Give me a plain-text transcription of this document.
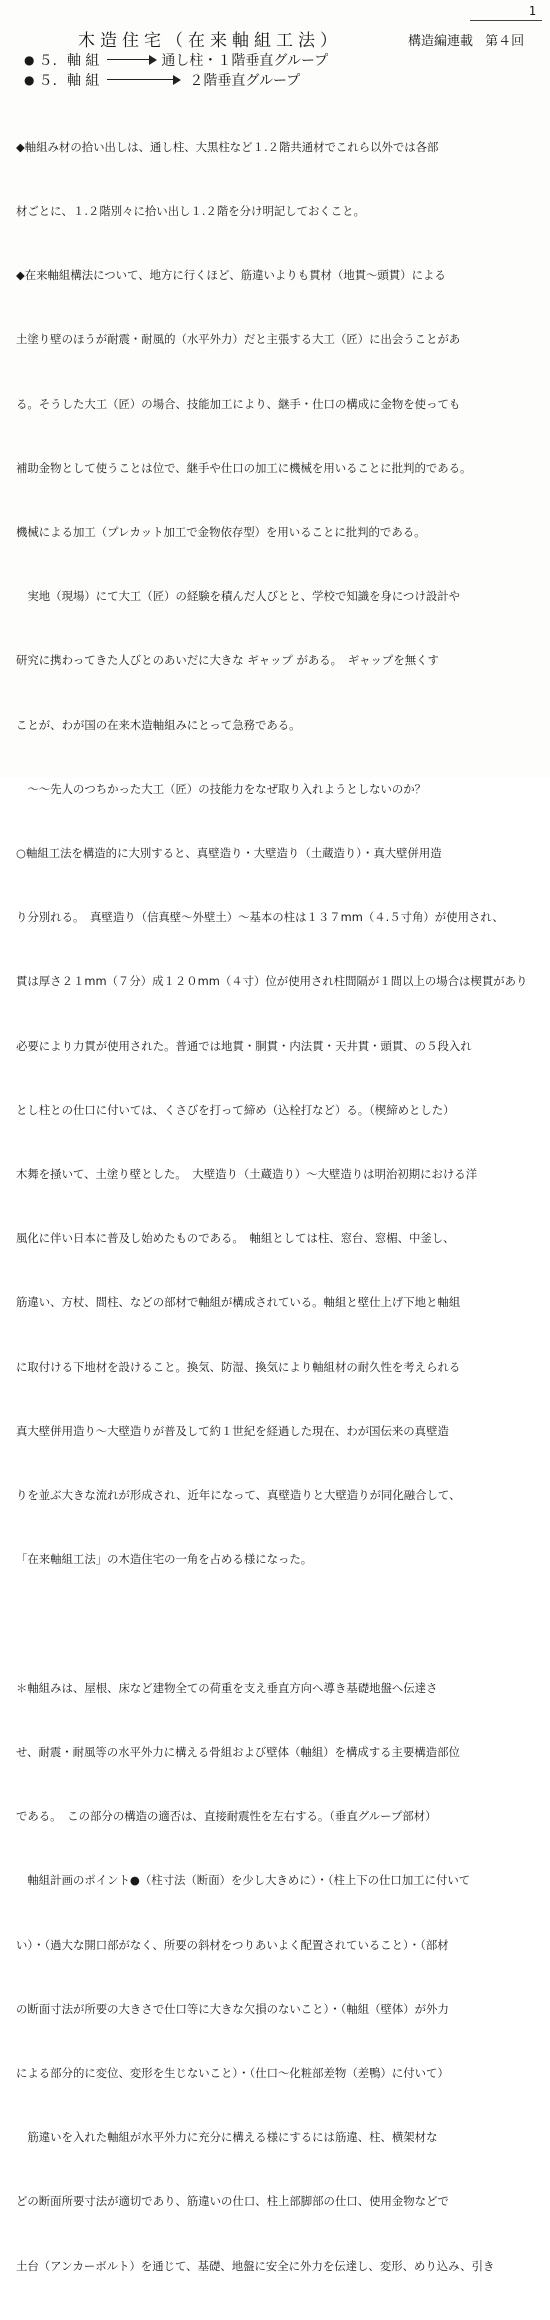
1
木造住宅（在来軸組工法）	構造編連載 第４回
● ５. 軸 組	通し柱・１階垂直グループ
● ５. 軸 組	２階垂直グループ

◆軸組み材の拾い出しは、通し柱、大黒柱など１.２階共通材でこれら以外では各部

材ごとに、１.２階別々に拾い出し１.２階を分け明記しておくこと。

◆在来軸組構法について、地方に行くほど、筋違いよりも貫材（地貫〜頭貫）による

土塗り壁のほうが耐震・耐風的（水平外力）だと主張する大工（匠）に出会うことがあ

る。そうした大工（匠）の場合、技能加工により、継手・仕口の構成に金物を使っても

補助金物として使うことは位で、継手や仕口の加工に機械を用いることに批判的である。

機械による加工（プレカット加工で金物依存型）を用いることに批判的である。

　実地（現場）にて大工（匠）の経験を積んだ人びとと、学校で知識を身につけ設計や

研究に携わってきた人びとのあいだに大きな ギャップ がある。　ギャップを無くす

ことが、わが国の在来木造軸組みにとって急務である。

　〜〜先人のつちかった大工（匠）の技能力をなぜ取り入れようとしないのか？

○軸組工法を構造的に大別すると、真壁造り・大壁造り（土蔵造り）・真大壁併用造

り分別れる。　真壁造り（信真壁〜外壁土）〜基本の柱は１３７mm（４.５寸角）が使用され、

貫は厚さ２１mm（７分）成１２０mm（４寸）位が使用され柱間隔が１間以上の場合は楔貫があり

必要により力貫が使用された。普通では地貫・胴貫・内法貫・天井貫・頭貫、の５段入れ

とし柱との仕口に付いては、くさびを打って締め（込栓打など）る。（楔締めとした）

木舞を掻いて、土塗り壁とした。　大壁造り（土蔵造り）〜大壁造りは明治初期における洋

風化に伴い日本に普及し始めたものである。　軸組としては柱、窓台、窓楣、中釜し、

筋違い、方杖、間柱、などの部材で軸組が構成されている。軸組と壁仕上げ下地と軸組

に取付ける下地材を設けること。換気、防湿、換気により軸組材の耐久性を考えられる

真大壁併用造り〜大壁造りが普及して約１世紀を経過した現在、わが国伝来の真壁造

りを並ぶ大きな流れが形成され、近年になって、真壁造りと大壁造りが同化融合して、

「在来軸組工法」の木造住宅の一角を占める様になった。

＊軸組みは、屋根、床など建物全ての荷重を支え垂直方向へ導き基礎地盤へ伝達さ

せ、耐震・耐風等の水平外力に構える骨組および壁体（軸組）を構成する主要構造部位

である。　この部分の構造の適否は、直接耐震性を左右する。（垂直グループ部材）

　軸組計画のポイント●（柱寸法（断面）を少し大きめに）・（柱上下の仕口加工に付いて

い）・（過大な開口部がなく、所要の斜材をつりあいよく配置されていること）・（部材

の断面寸法が所要の大きさで仕口等に大きな欠損のないこと）・（軸組（壁体）が外力

による部分的に変位、変形を生じないこと）・（仕口〜化粧部差物（差鴨）に付いて）

　筋違いを入れた軸組が水平外力に充分に構える様にするには筋違、柱、横架材な

どの断面所要寸法が適切であり、筋違いの仕口、柱上部脚部の仕口、使用金物などで

土台（アンカーボルト）を通じて、基礎、地盤に安全に外力を伝達し、変形、めり込み、引き
